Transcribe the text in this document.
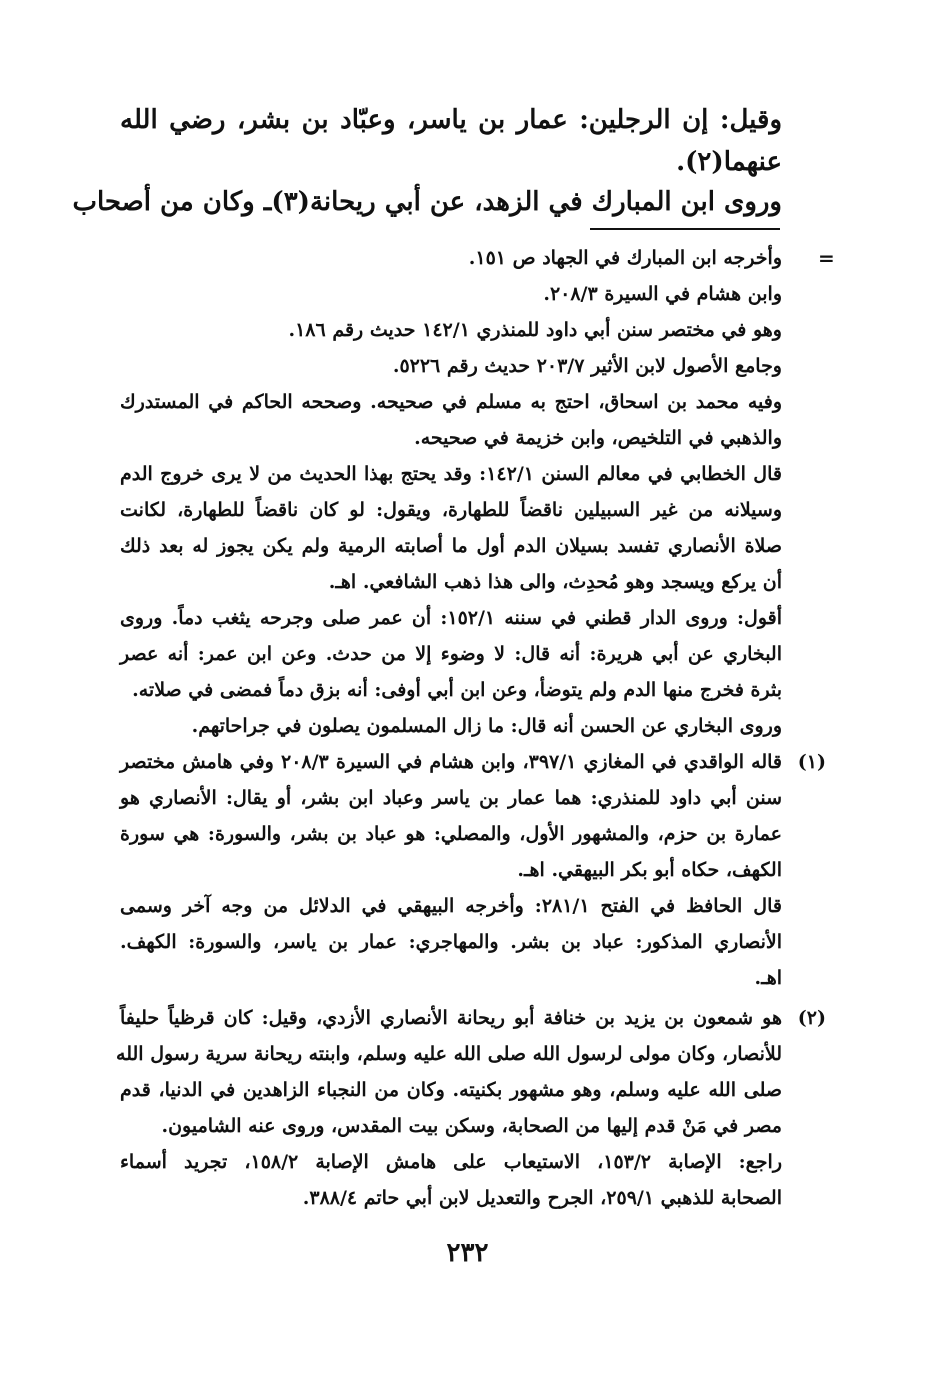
وقيل: إن الرجلين: عمار بن ياسر، وعبّاد بن بشر، رضي الله
عنهما(٢).
وروى ابن المبارك في الزهد، عن أبي ريحانة(٣)ـ وكان من أصحاب
=
وأخرجه ابن المبارك في الجهاد ص ١٥١.
وابن هشام في السيرة ٢٠٨/٣.
وهو في مختصر سنن أبي داود للمنذري ١٤٢/١ حديث رقم ١٨٦.
وجامع الأصول لابن الأثير ٢٠٣/٧ حديث رقم ٥٢٢٦.
وفيه محمد بن اسحاق، احتج به مسلم في صحيحه. وصححه الحاكم في المستدرك
والذهبي في التلخيص، وابن خزيمة في صحيحه.
قال الخطابي في معالم السنن ١٤٢/١: وقد يحتج بهذا الحديث من لا يرى خروج الدم
وسيلانه من غير السبيلين ناقضاً للطهارة، ويقول: لو كان ناقضاً للطهارة، لكانت
صلاة الأنصاري تفسد بسيلان الدم أول ما أصابته الرمية ولم يكن يجوز له بعد ذلك
أن يركع ويسجد وهو مُحدِث، والى هذا ذهب الشافعي. اهـ.
أقول: وروى الدار قطني في سننه ١٥٢/١: أن عمر صلى وجرحه يثغب دماً. وروى
البخاري عن أبي هريرة: أنه قال: لا وضوء إلا من حدث. وعن ابن عمر: أنه عصر
بثرة فخرج منها الدم ولم يتوضأ، وعن ابن أبي أوفى: أنه بزق دماً فمضى في صلاته.
وروى البخاري عن الحسن أنه قال: ما زال المسلمون يصلون في جراحاتهم.
(١)
قاله الواقدي في المغازي ٣٩٧/١، وابن هشام في السيرة ٢٠٨/٣ وفي هامش مختصر
سنن أبي داود للمنذري: هما عمار بن ياسر وعباد ابن بشر، أو يقال: الأنصاري هو
عمارة بن حزم، والمشهور الأول، والمصلي: هو عباد بن بشر، والسورة: هي سورة
الكهف، حكاه أبو بكر البيهقي. اهـ.
قال الحافظ في الفتح ٢٨١/١: وأخرجه البيهقي في الدلائل من وجه آخر وسمى
الأنصاري المذكور: عباد بن بشر. والمهاجري: عمار بن ياسر، والسورة: الكهف.
اهـ.
(٢)
هو شمعون بن يزيد بن خنافة أبو ريحانة الأنصاري الأزدي، وقيل: كان قرظياً حليفاً
للأنصار، وكان مولى لرسول الله صلى الله عليه وسلم، وابنته ريحانة سرية رسول الله
صلى الله عليه وسلم، وهو مشهور بكنيته. وكان من النجباء الزاهدين في الدنيا، قدم
مصر في مَنْ قدم إليها من الصحابة، وسكن بيت المقدس، وروى عنه الشاميون.
راجع: الإصابة ١٥٣/٢، الاستيعاب على هامش الإصابة ١٥٨/٢، تجريد أسماء
الصحابة للذهبي ٢٥٩/١، الجرح والتعديل لابن أبي حاتم ٣٨٨/٤.
٢٣٢
